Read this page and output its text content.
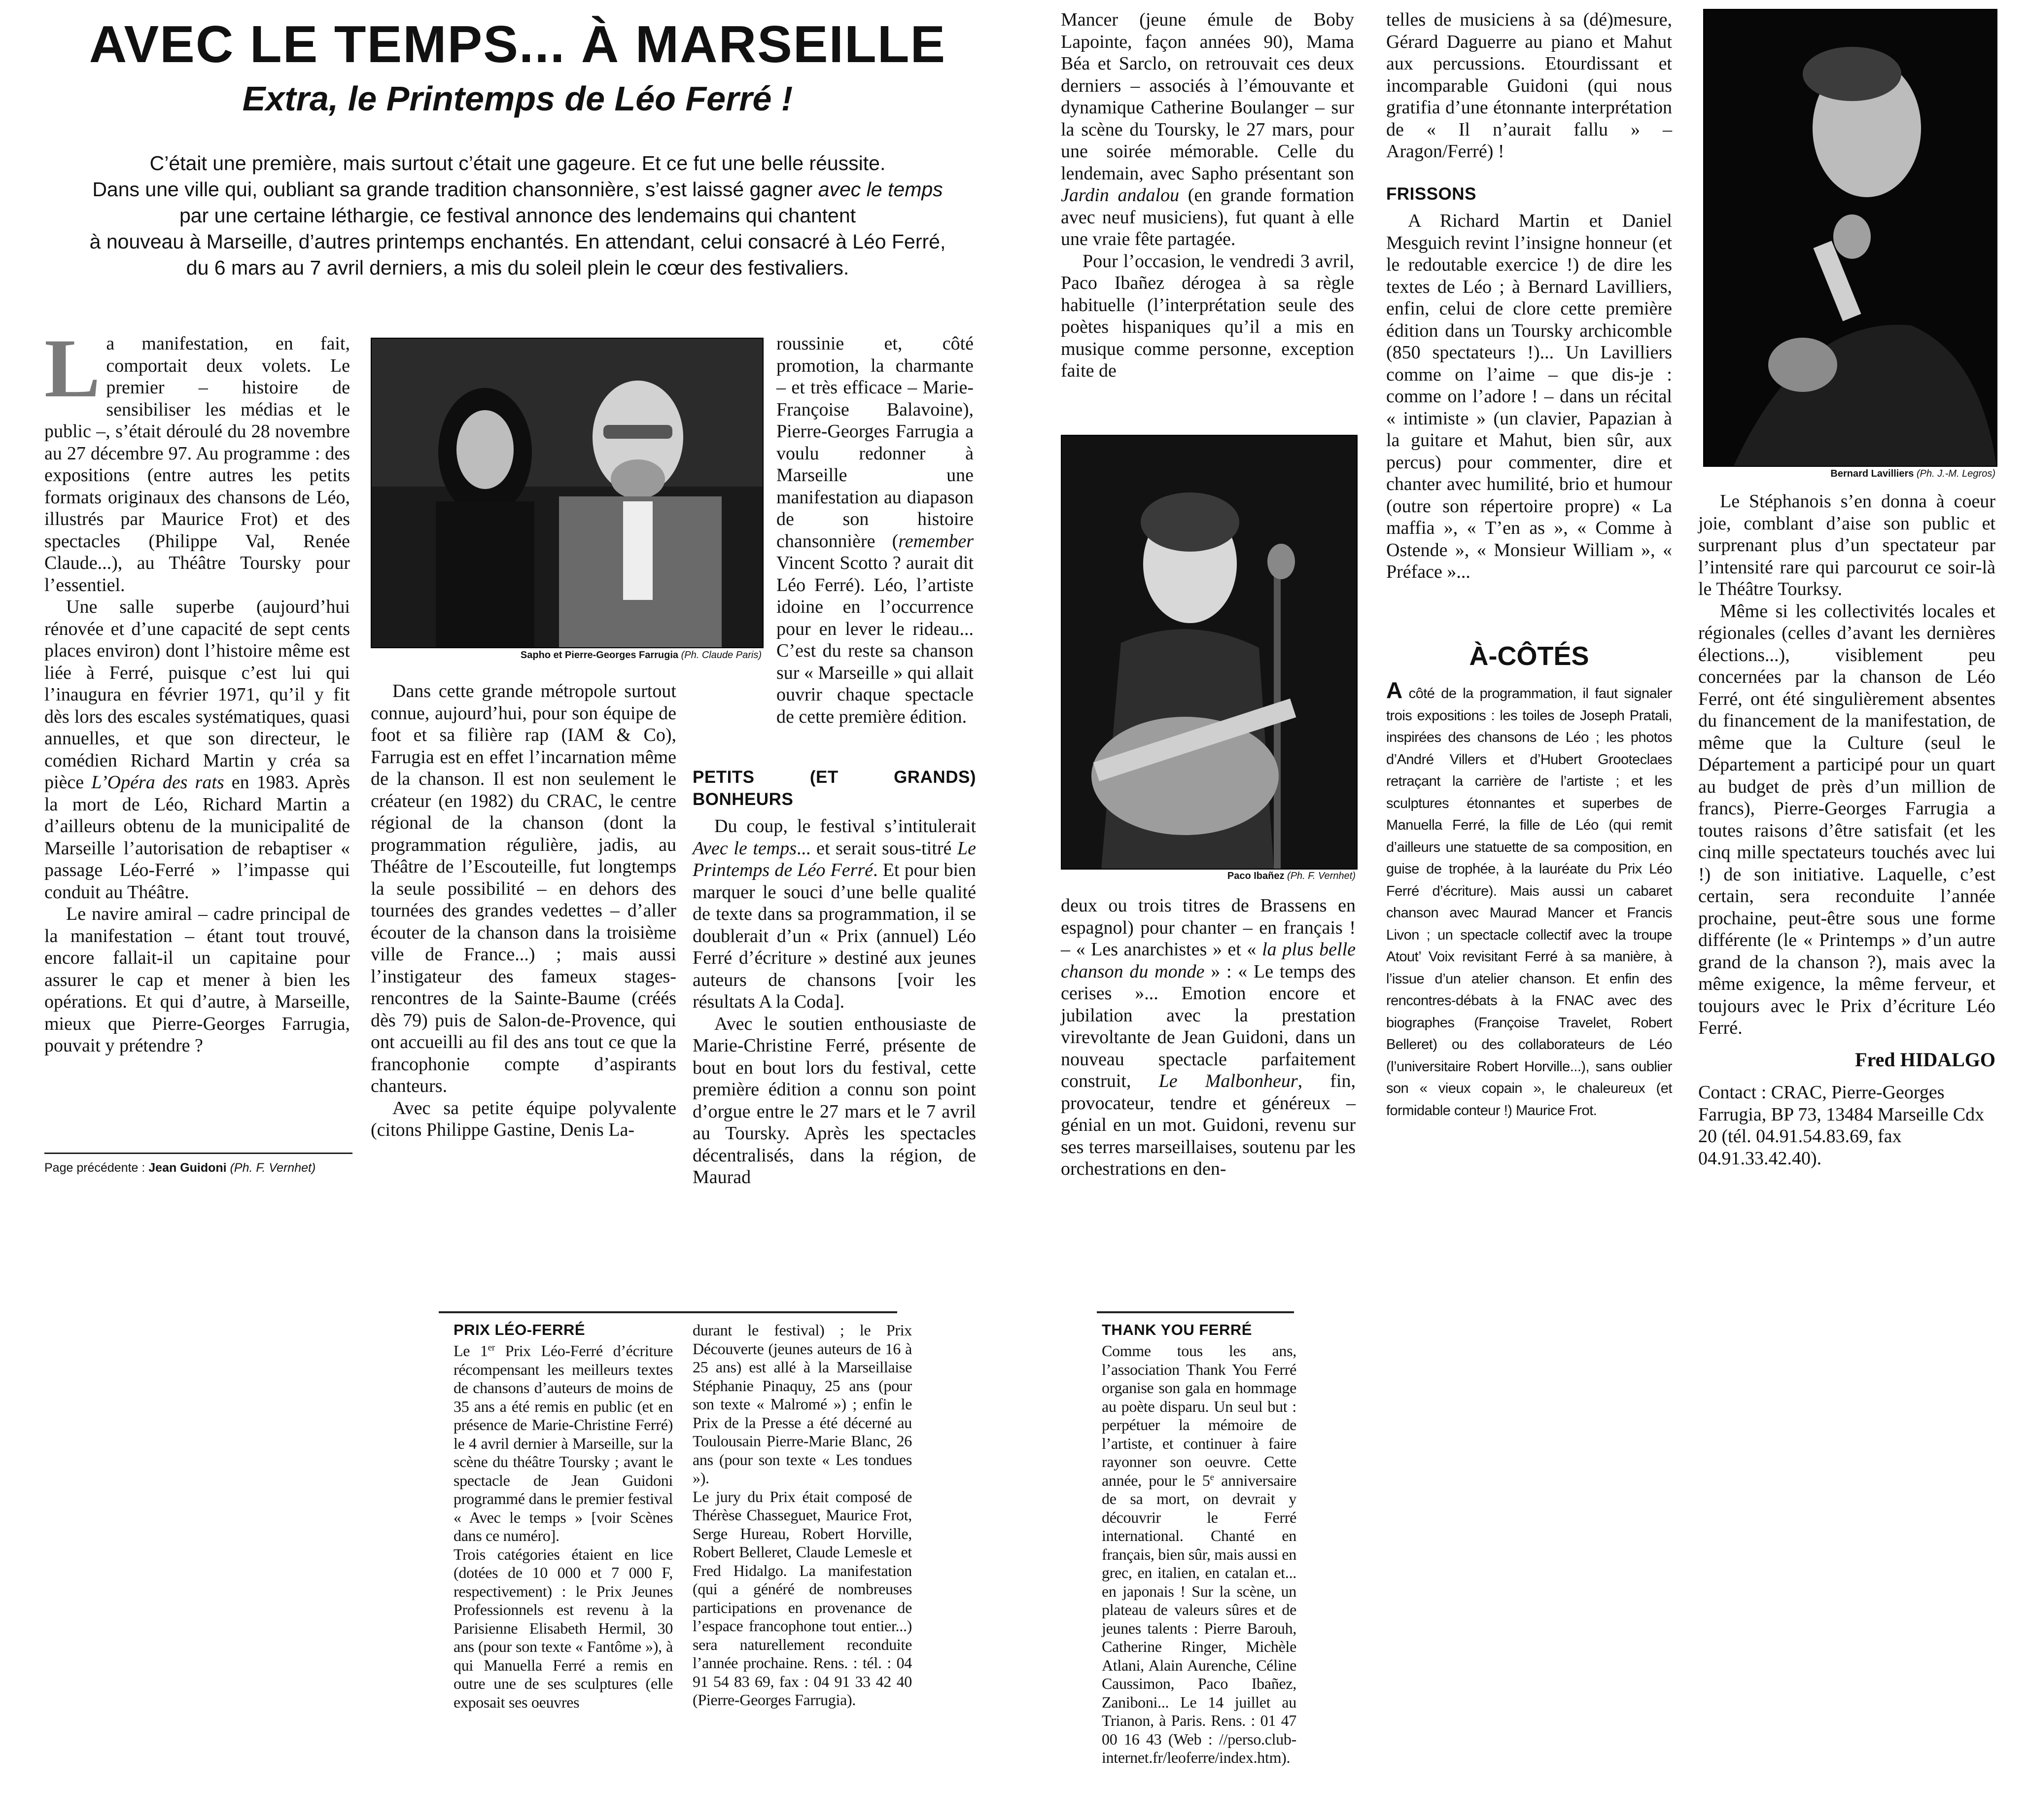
AVEC LE TEMPS... À MARSEILLE
Extra, le Printemps de Léo Ferré !

C’était une première, mais surtout c’était une gageure. Et ce fut une belle réussite.

Dans une ville qui, oubliant sa grande tradition chansonnière, s’est laissé gagner avec le temps

par une certaine léthargie, ce festival annonce des lendemains qui chantent

à nouveau à Marseille, d’autres printemps enchantés. En attendant, celui consacré à Léo Ferré,

du 6 mars au 7 avril derniers, a mis du soleil plein le cœur des festivaliers.

La manifestation, en fait, comportait deux volets. Le premier – histoire de sensibiliser les médias et le public –, s’était déroulé du 28 novembre au 27 décembre 97. Au programme : des expositions (entre autres les petits formats originaux des chansons de Léo, illustrés par Maurice Frot) et des spectacles (Philippe Val, Renée Claude...), au Théâtre Toursky pour l’essentiel.

Une salle superbe (aujourd’hui rénovée et d’une capacité de sept cents places environ) dont l’histoire même est liée à Ferré, puisque c’est lui qui l’inaugura en février 1971, qu’il y fit dès lors des escales systématiques, quasi annuelles, et que son directeur, le comédien Richard Martin y créa sa pièce L’Opéra des rats en 1983. Après la mort de Léo, Richard Martin a d’ailleurs obtenu de la municipalité de Marseille l’autorisation de rebaptiser « passage Léo-Ferré » l’impasse qui conduit au Théâtre.

Le navire amiral – cadre principal de la manifestation – étant tout trouvé, encore fallait-il un capitaine pour assurer le cap et mener à bien les opérations. Et qui d’autre, à Marseille, mieux que Pierre-Georges Farrugia, pouvait y prétendre ?

Page précédente : Jean Guidoni (Ph. F. Vernhet)
Sapho et Pierre-Georges Farrugia (Ph. Claude Paris)

Dans cette grande métropole surtout connue, aujourd’hui, pour son équipe de foot et sa filière rap (IAM & Co), Farrugia est en effet l’incarnation même de la chanson. Il est non seulement le créateur (en 1982) du CRAC, le centre régional de la chanson (dont la programmation régulière, jadis, au Théâtre de l’Escouteille, fut longtemps la seule possibilité – en dehors des tournées des grandes vedettes – d’aller écouter de la chanson dans la troisième ville de France...) ; mais aussi l’instigateur des fameux stages-rencontres de la Sainte-Baume (créés dès 79) puis de Salon-de-Provence, qui ont accueilli au fil des ans tout ce que la francophonie compte d’aspirants chanteurs.

Avec sa petite équipe polyvalente (citons Philippe Gastine, Denis La-

roussinie et, côté promotion, la charmante – et très efficace – Marie-Françoise Balavoine), Pierre-Georges Farrugia a voulu redonner à Marseille une manifestation au diapason de son histoire chansonnière (remember Vincent Scotto ? aurait dit Léo Ferré). Léo, l’artiste idoine en l’occurrence pour en lever le rideau... C’est du reste sa chanson sur « Marseille » qui allait ouvrir chaque spectacle de cette première édition.

PETITS (ET GRANDS) BONHEURS

Du coup, le festival s’intitulerait Avec le temps... et serait sous-titré Le Printemps de Léo Ferré. Et pour bien marquer le souci d’une belle qualité de texte dans sa programmation, il se doublerait d’un « Prix (annuel) Léo Ferré d’écriture » destiné aux jeunes auteurs de chansons [voir les résultats A la Coda].

Avec le soutien enthousiaste de Marie-Christine Ferré, présente de bout en bout lors du festival, cette première édition a connu son point d’orgue entre le 27 mars et le 7 avril au Toursky. Après les spectacles décentralisés, dans la région, de Maurad

Mancer (jeune émule de Boby Lapointe, façon années 90), Mama Béa et Sarclo, on retrouvait ces deux derniers – associés à l’émouvante et dynamique Catherine Boulanger – sur la scène du Toursky, le 27 mars, pour une soirée mémorable. Celle du lendemain, avec Sapho présentant son Jardin andalou (en grande formation avec neuf musiciens), fut quant à elle une vraie fête partagée.

Pour l’occasion, le vendredi 3 avril, Paco Ibañez dérogea à sa règle habituelle (l’interprétation seule des poètes hispaniques qu’il a mis en musique comme personne, exception faite de

Paco Ibañez (Ph. F. Vernhet)

deux ou trois titres de Brassens en espagnol) pour chanter – en français ! – « Les anarchistes » et « la plus belle chanson du monde » : « Le temps des cerises »... Emotion encore et jubilation avec la prestation virevoltante de Jean Guidoni, dans un nouveau spectacle parfaitement construit, Le Malbonheur, fin, provocateur, tendre et généreux – génial en un mot. Guidoni, revenu sur ses terres marseillaises, soutenu par les orchestrations en den-

telles de musiciens à sa (dé)mesure, Gérard Daguerre au piano et Mahut aux percussions. Etourdissant et incomparable Guidoni (qui nous gratifia d’une étonnante interprétation de « Il n’aurait fallu » – Aragon/Ferré) !

FRISSONS

A Richard Martin et Daniel Mesguich revint l’insigne honneur (et le redoutable exercice !) de dire les textes de Léo ; à Bernard Lavilliers, enfin, celui de clore cette première édition dans un Toursky archicomble (850 spectateurs !)... Un Lavilliers comme on l’aime – que dis-je : comme on l’adore ! – dans un récital « intimiste » (un clavier, Papazian à la guitare et Mahut, bien sûr, aux percus) pour commenter, dire et chanter avec humilité, brio et humour (outre son répertoire propre) « La maffia », « T’en as », « Comme à Ostende », « Monsieur William », « Préface »...

À-CÔTÉS

A côté de la programmation, il faut signaler trois expositions : les toiles de Joseph Pratali, inspirées des chansons de Léo ; les photos d’André Villers et d’Hubert Grooteclaes retraçant la carrière de l’artiste ; et les sculptures étonnantes et superbes de Manuella Ferré, la fille de Léo (qui remit d’ailleurs une statuette de sa composition, en guise de trophée, à la lauréate du Prix Léo Ferré d’écriture). Mais aussi un cabaret chanson avec Maurad Mancer et Francis Livon ; un spectacle collectif avec la troupe Atout’ Voix revisitant Ferré à sa manière, à l’issue d’un atelier chanson. Et enfin des rencontres-débats à la FNAC avec des biographes (Françoise Travelet, Robert Belleret) ou des collaborateurs de Léo (l’universitaire Robert Horville...), sans oublier son « vieux copain », le chaleureux (et formidable conteur !) Maurice Frot.

Bernard Lavilliers (Ph. J.-M. Legros)

Le Stéphanois s’en donna à coeur joie, comblant d’aise son public et surprenant plus d’un spectateur par l’intensité rare qui parcourut ce soir-là le Théâtre Tourksy.

Même si les collectivités locales et régionales (celles d’avant les dernières élections...), visiblement peu concernées par la chanson de Léo Ferré, ont été singulièrement absentes du financement de la manifestation, de même que la Culture (seul le Département a participé pour un quart au budget de près d’un million de francs), Pierre-Georges Farrugia a toutes raisons d’être satisfait (et les cinq mille spectateurs touchés avec lui !) de son initiative. Laquelle, c’est certain, sera reconduite l’année prochaine, peut-être sous une forme différente (le « Printemps » d’un autre grand de la chanson ?), mais avec la même exigence, la même ferveur, et toujours avec le Prix d’écriture Léo Ferré.

Fred HIDALGO

Contact : CRAC, Pierre-Georges Farrugia, BP 73, 13484 Marseille Cdx 20 (tél. 04.91.54.83.69, fax 04.91.33.42.40).

PRIX LÉO-FERRÉ

Le 1er Prix Léo-Ferré d’écriture récompensant les meilleurs textes de chansons d’auteurs de moins de 35 ans a été remis en public (et en présence de Marie-Christine Ferré) le 4 avril dernier à Marseille, sur la scène du théâtre Toursky ; avant le spectacle de Jean Guidoni programmé dans le premier festival « Avec le temps » [voir Scènes dans ce numéro].

Trois catégories étaient en lice (dotées de 10 000 et 7 000 F, respectivement) : le Prix Jeunes Professionnels est revenu à la Parisienne Elisabeth Hermil, 30 ans (pour son texte « Fantôme »), à qui Manuella Ferré a remis en outre une de ses sculptures (elle exposait ses oeuvres

durant le festival) ; le Prix Découverte (jeunes auteurs de 16 à 25 ans) est allé à la Marseillaise Stéphanie Pinaquy, 25 ans (pour son texte « Malromé ») ; enfin le Prix de la Presse a été décerné au Toulousain Pierre-Marie Blanc, 26 ans (pour son texte « Les tondues »).

Le jury du Prix était composé de Thérèse Chasseguet, Maurice Frot, Serge Hureau, Robert Horville, Robert Belleret, Claude Lemesle et Fred Hidalgo. La manifestation (qui a généré de nombreuses participations en provenance de l’espace francophone tout entier...) sera naturellement reconduite l’année prochaine. Rens. : tél. : 04 91 54 83 69, fax : 04 91 33 42 40 (Pierre-Georges Farrugia).

THANK YOU FERRÉ

Comme tous les ans, l’association Thank You Ferré organise son gala en hommage au poète disparu. Un seul but : perpétuer la mémoire de l’artiste, et continuer à faire rayonner son oeuvre. Cette année, pour le 5e anniversaire de sa mort, on devrait y découvrir le Ferré international. Chanté en français, bien sûr, mais aussi en grec, en italien, en catalan et... en japonais ! Sur la scène, un plateau de valeurs sûres et de jeunes talents : Pierre Barouh, Catherine Ringer, Michèle Atlani, Alain Aurenche, Céline Caussimon, Paco Ibañez, Zaniboni... Le 14 juillet au Trianon, à Paris. Rens. : 01 47 00 16 43 (Web : //perso.club-internet.fr/leoferre/index.htm).
